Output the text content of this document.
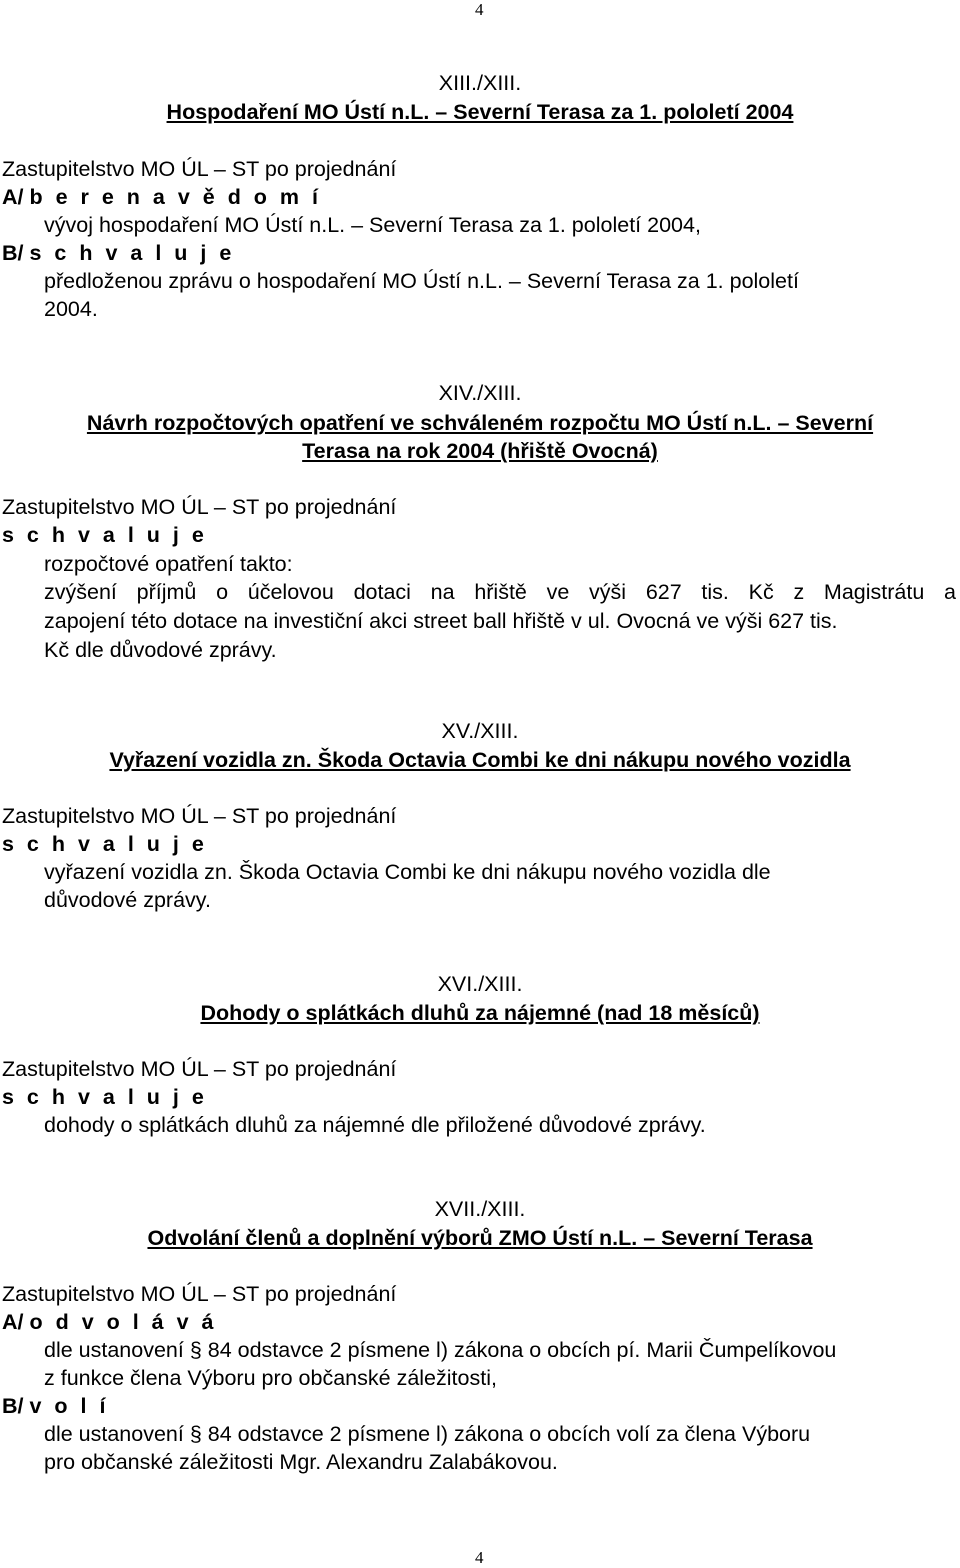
4
XIII./XIII.
Hospodaření MO Ústí n.L. – Severní Terasa za 1. pololetí 2004
Zastupitelstvo MO ÚL – ST po projednání
A/ b e r e n a v ě d o m í
vývoj hospodaření MO Ústí n.L. – Severní Terasa za 1. pololetí 2004,
B/ s c h v a l u j e
předloženou zprávu o hospodaření MO Ústí n.L. – Severní Terasa za 1. pololetí
2004.
XIV./XIII.
Návrh rozpočtových opatření ve schváleném rozpočtu MO Ústí n.L. – Severní
Terasa na rok 2004 (hřiště Ovocná)
Zastupitelstvo MO ÚL – ST po projednání
s c h v a l u j e
rozpočtové opatření takto:
zvýšení příjmů o účelovou dotaci na hřiště ve výši 627 tis. Kč z Magistrátu a
zapojení této dotace na investiční akci street ball hřiště v ul. Ovocná ve výši 627 tis.
Kč dle důvodové zprávy.
XV./XIII.
Vyřazení vozidla zn. Škoda Octavia Combi ke dni nákupu nového vozidla
Zastupitelstvo MO ÚL – ST po projednání
s c h v a l u j e
vyřazení vozidla zn. Škoda Octavia Combi ke dni nákupu nového vozidla dle
důvodové zprávy.
XVI./XIII.
Dohody o splátkách dluhů za nájemné (nad 18 měsíců)
Zastupitelstvo MO ÚL – ST po projednání
s c h v a l u j e
dohody o splátkách dluhů za nájemné dle přiložené důvodové zprávy.
XVII./XIII.
Odvolání členů a doplnění výborů ZMO Ústí n.L. – Severní Terasa
Zastupitelstvo MO ÚL – ST po projednání
A/ o d v o l á v á
dle ustanovení § 84 odstavce 2 písmene l) zákona o obcích pí. Marii Čumpelíkovou
z funkce člena Výboru pro občanské záležitosti,
B/ v o l í
dle ustanovení § 84 odstavce 2 písmene l) zákona o obcích volí za člena Výboru
pro občanské záležitosti Mgr. Alexandru Zalabákovou.
4
